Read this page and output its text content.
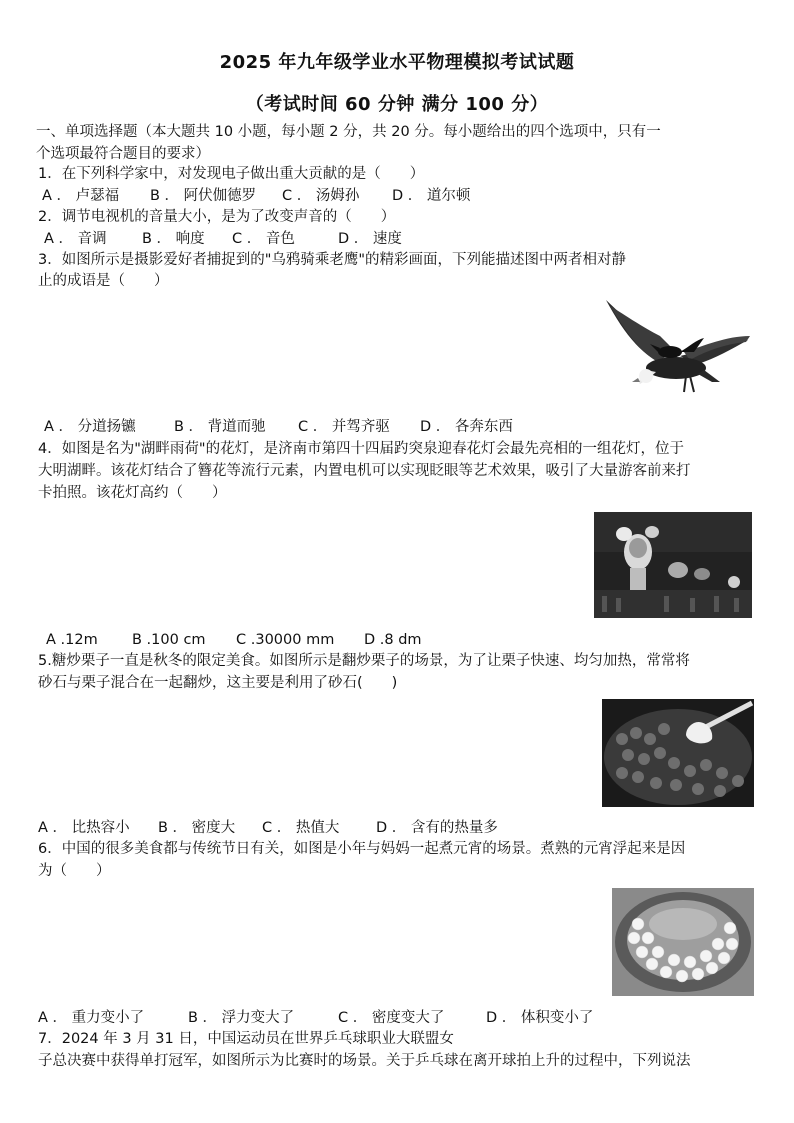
2025 年九年级学业水平物理模拟考试试题
（考试时间 60 分钟 满分 100 分）
一、单项选择题（本大题共 10 小题，每小题 2 分，共 20 分。每小题给出的四个选项中，只有一
个选项最符合题目的要求）
1．在下列科学家中，对发现电子做出重大贡献的是（　　）
A ． 卢瑟福 B ． 阿伏伽德罗 C ． 汤姆孙 D ． 道尔顿
2．调节电视机的音量大小，是为了改变声音的（　　）
A ． 音调 B ． 响度 C ． 音色	D ． 速度
3．如图所示是摄影爱好者捕捉到的"乌鸦骑乘老鹰"的精彩画面，下列能描述图中两者相对静
止的成语是（　　）
A ． 分道扬镳	B ． 背道而驰 C ． 并驾齐驱 D ． 各奔东西
4．如图是名为"湖畔雨荷"的花灯，是济南市第四十四届趵突泉迎春花灯会最先亮相的一组花灯，位于
大明湖畔。该花灯结合了簪花等流行元素，内置电机可以实现眨眼等艺术效果，吸引了大量游客前来打
卡拍照。该花灯高约（　　）
A .12m B .100 cm C .30000 mm D .8 dm
5.糖炒栗子一直是秋冬的限定美食。如图所示是翻炒栗子的场景，为了让栗子快速、均匀加热，常常将
砂石与栗子混合在一起翻炒，这主要是利用了砂石(　　)
A ． 比热容小 B ． 密度大 C ． 热值大	D ． 含有的热量多
6．中国的很多美食都与传统节日有关，如图是小年与妈妈一起煮元宵的场景。煮熟的元宵浮起来是因
为（　　）
A ． 重力变小了	B ． 浮力变大了	C ． 密度变大了	D ． 体积变小了
7．2024 年 3 月 31 日，中国运动员在世界乒乓球职业大联盟女
子总决赛中获得单打冠军，如图所示为比赛时的场景。关于乒乓球在离开球拍上升的过程中，下列说法
